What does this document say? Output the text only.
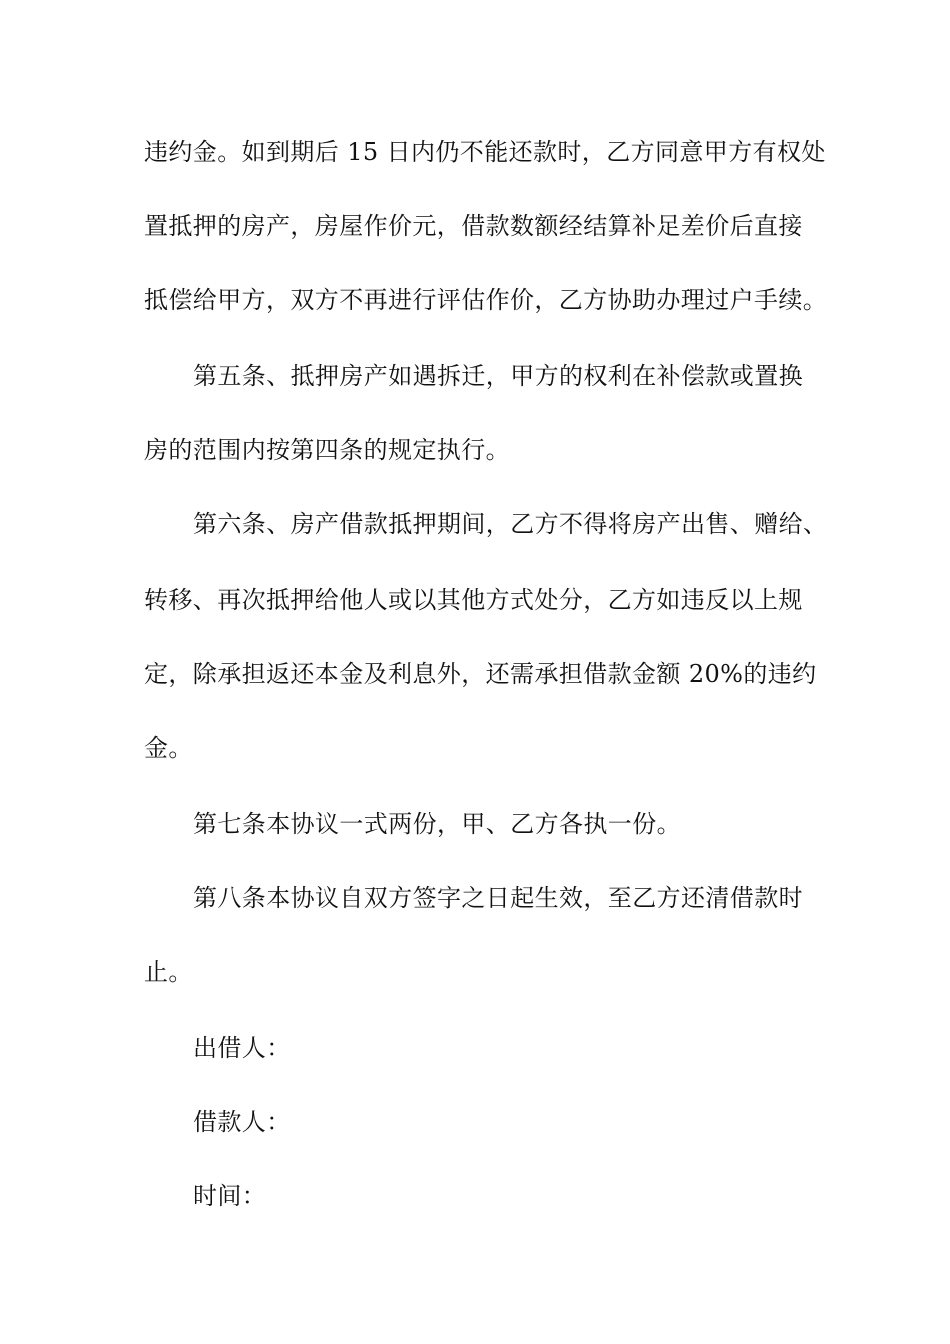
违约金。如到期后 15 日内仍不能还款时，乙方同意甲方有权处
置抵押的房产，房屋作价元，借款数额经结算补足差价后直接
抵偿给甲方，双方不再进行评估作价，乙方协助办理过户手续。
第五条、抵押房产如遇拆迁，甲方的权利在补偿款或置换
房的范围内按第四条的规定执行。
第六条、房产借款抵押期间，乙方不得将房产出售、赠给、
转移、再次抵押给他人或以其他方式处分，乙方如违反以上规
定，除承担返还本金及利息外，还需承担借款金额 20%的违约
金。
第七条本协议一式两份，甲、乙方各执一份。
第八条本协议自双方签字之日起生效，至乙方还清借款时
止。
出借人：
借款人：
时间：
